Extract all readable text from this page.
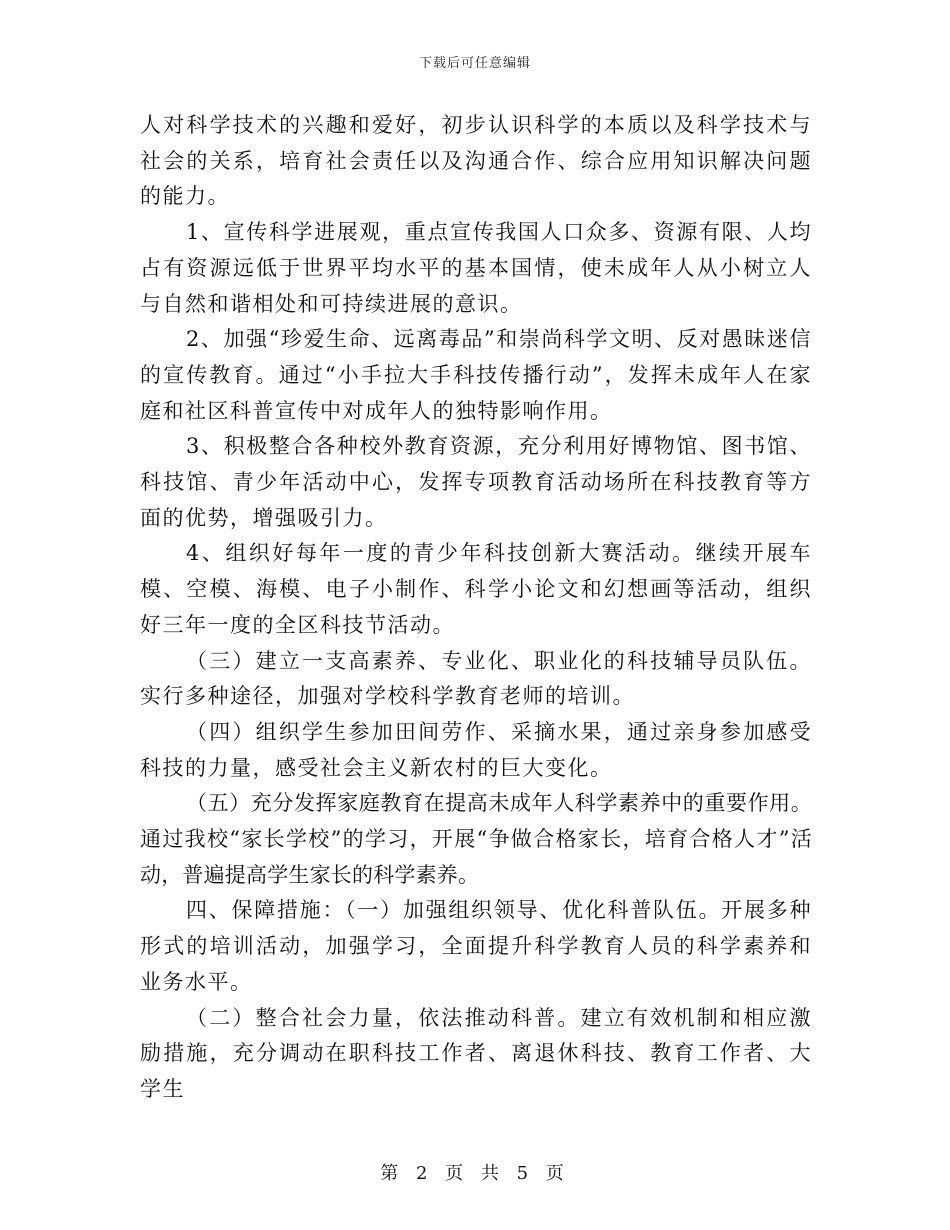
下载后可任意编辑

人对科学技术的兴趣和爱好，初步认识科学的本质以及科学技术与社会的关系，培育社会责任以及沟通合作、综合应用知识解决问题的能力。

1、宣传科学进展观，重点宣传我国人口众多、资源有限、人均占有资源远低于世界平均水平的基本国情，使未成年人从小树立人与自然和谐相处和可持续进展的意识。

2、加强“珍爱生命、远离毒品”和崇尚科学文明、反对愚昧迷信的宣传教育。通过“小手拉大手科技传播行动”，发挥未成年人在家庭和社区科普宣传中对成年人的独特影响作用。

3、积极整合各种校外教育资源，充分利用好博物馆、图书馆、科技馆、青少年活动中心，发挥专项教育活动场所在科技教育等方面的优势，增强吸引力。

4、组织好每年一度的青少年科技创新大赛活动。继续开展车模、空模、海模、电子小制作、科学小论文和幻想画等活动，组织好三年一度的全区科技节活动。

（三）建立一支高素养、专业化、职业化的科技辅导员队伍。实行多种途径，加强对学校科学教育老师的培训。

（四）组织学生参加田间劳作、采摘水果，通过亲身参加感受科技的力量，感受社会主义新农村的巨大变化。

（五）充分发挥家庭教育在提高未成年人科学素养中的重要作用。通过我校“家长学校”的学习，开展“争做合格家长，培育合格人才”活动，普遍提高学生家长的科学素养。

四、保障措施：（一）加强组织领导、优化科普队伍。开展多种形式的培训活动，加强学习，全面提升科学教育人员的科学素养和业务水平。

（二）整合社会力量，依法推动科普。建立有效机制和相应激励措施，充分调动在职科技工作者、离退休科技、教育工作者、大学生

第 2 页 共 5 页
